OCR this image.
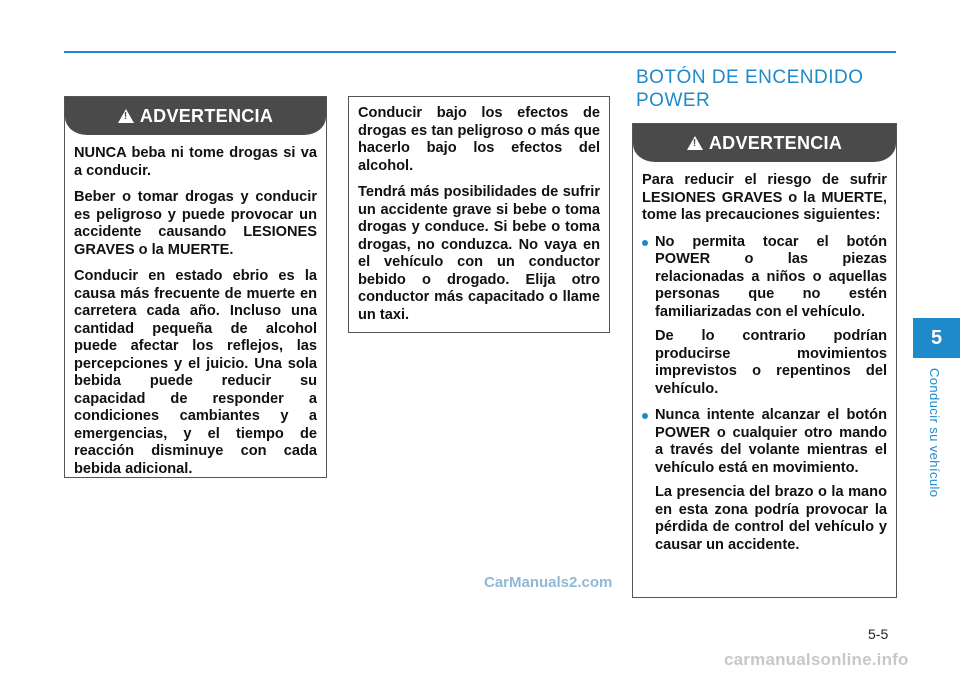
!ADVERTENCIA

NUNCA beba ni tome drogas si va a conducir.

Beber o tomar drogas y conducir es peligroso y puede provocar un accidente causando LESIONES GRAVES o la MUERTE.

Conducir en estado ebrio es la causa más frecuente de muerte en carretera cada año. Incluso una cantidad pequeña de alcohol puede afectar los reflejos, las percepciones y el juicio. Una sola bebida puede reducir su capacidad de responder a condiciones cambiantes y a emergencias, y el tiempo de reacción disminuye con cada bebida adicional.

Conducir bajo los efectos de drogas es tan peligroso o más que hacerlo bajo los efectos del alcohol.

Tendrá más posibilidades de sufrir un accidente grave si bebe o toma drogas y conduce. Si bebe o toma drogas, no conduzca. No vaya en el vehículo con un conductor bebido o drogado. Elija otro conductor más capacitado o llame un taxi.

BOTÓN DE ENCENDIDO
POWER
!ADVERTENCIA

Para reducir el riesgo de sufrir LESIONES GRAVES o la MUERTE, tome las precauciones siguientes:

No permita tocar el botón POWER o las piezas relacionadas a niños o aquellas personas que no estén familiarizadas con el vehículo.

De lo contrario podrían producirse movimientos imprevistos o repentinos del vehículo.

Nunca intente alcanzar el botón POWER o cualquier otro mando a través del volante mientras el vehículo está en movimiento.

La presencia del brazo o la mano en esta zona podría provocar la pérdida de control del vehículo y causar un accidente.

5
Conducir su vehículo
CarManuals2.com
5-5
carmanualsonline.info
